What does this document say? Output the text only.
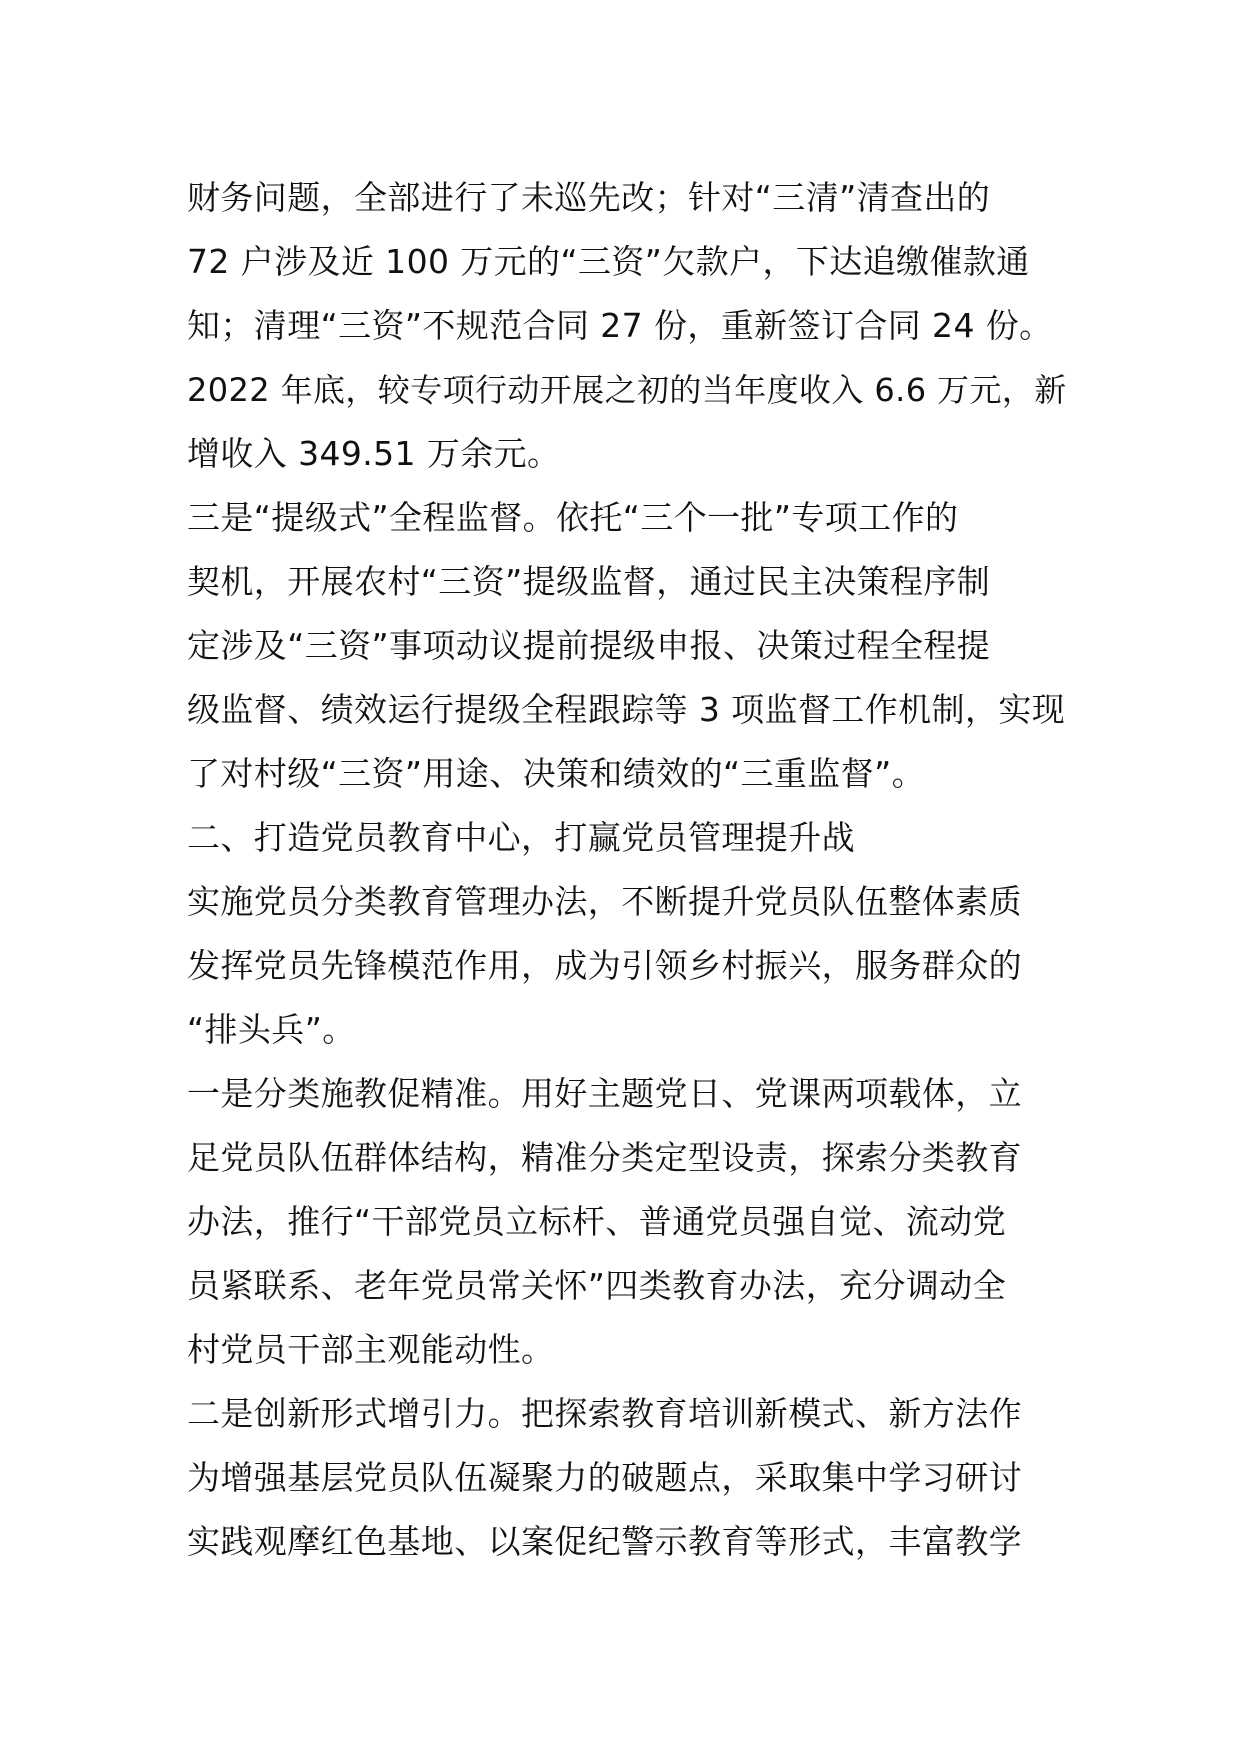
财务问题，全部进行了未巡先改；针对“三清”清查出的
72 户涉及近 100 万元的“三资”欠款户，下达追缴催款通
知；清理“三资”不规范合同 27 份，重新签订合同 24 份。
2022 年底，较专项行动开展之初的当年度收入 6.6 万元，新
增收入 349.51 万余元。
三是“提级式”全程监督。依托“三个一批”专项工作的
契机，开展农村“三资”提级监督，通过民主决策程序制
定涉及“三资”事项动议提前提级申报、决策过程全程提
级监督、绩效运行提级全程跟踪等 3 项监督工作机制，实现
了对村级“三资”用途、决策和绩效的“三重监督”。
二、打造党员教育中心，打赢党员管理提升战
实施党员分类教育管理办法，不断提升党员队伍整体素质
发挥党员先锋模范作用，成为引领乡村振兴，服务群众的
“排头兵”。
一是分类施教促精准。用好主题党日、党课两项载体，立
足党员队伍群体结构，精准分类定型设责，探索分类教育
办法，推行“干部党员立标杆、普通党员强自觉、流动党
员紧联系、老年党员常关怀”四类教育办法，充分调动全
村党员干部主观能动性。
二是创新形式增引力。把探索教育培训新模式、新方法作
为增强基层党员队伍凝聚力的破题点，采取集中学习研讨
实践观摩红色基地、以案促纪警示教育等形式，丰富教学
